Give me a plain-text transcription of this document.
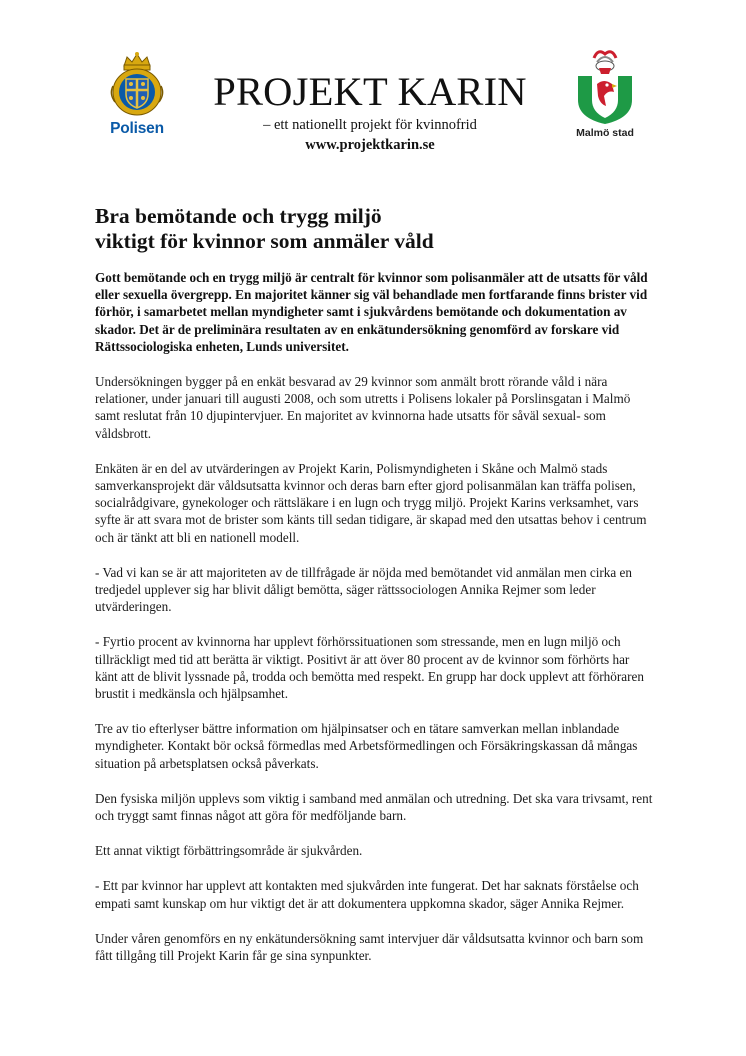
Polisen
PROJEKT KARIN
– ett nationellt projekt för kvinnofrid
www.projektkarin.se
Malmö stad
Bra bemötande och trygg miljö
viktigt för kvinnor som anmäler våld

Gott bemötande och en trygg miljö är centralt för kvinnor som polisanmäler att de utsatts för våld eller sexuella övergrepp. En majoritet känner sig väl behandlade men fortfarande finns brister vid förhör, i samarbetet mellan myndigheter samt i sjukvårdens bemötande och dokumentation av skador. Det är de preliminära resultaten av en enkätundersökning genomförd av forskare vid Rättssociologiska enheten, Lunds universitet.

Undersökningen bygger på en enkät besvarad av 29 kvinnor som anmält brott rörande våld i nära relationer, under januari till augusti 2008, och som utretts i Polisens lokaler på Porslinsgatan i Malmö samt reslutat från 10 djupintervjuer. En majoritet av kvinnorna hade utsatts för såväl sexual- som våldsbrott.

Enkäten är en del av utvärderingen av Projekt Karin, Polismyndigheten i Skåne och Malmö stads samverkansprojekt där våldsutsatta kvinnor och deras barn efter gjord polisanmälan kan träffa polisen, socialrådgivare, gynekologer och rättsläkare i en lugn och trygg miljö. Projekt Karins verksamhet, vars syfte är att svara mot de brister som känts till sedan tidigare, är skapad med den utsattas behov i centrum och är tänkt att bli en nationell modell.

- Vad vi kan se är att majoriteten av de tillfrågade är nöjda med bemötandet vid anmälan men cirka en tredjedel upplever sig har blivit dåligt bemötta, säger rättssociologen Annika Rejmer som leder utvärderingen.

- Fyrtio procent av kvinnorna har upplevt förhörssituationen som stressande, men en lugn miljö och tillräckligt med tid att berätta är viktigt. Positivt är att över 80 procent av de kvinnor som förhörts har känt att de blivit lyssnade på, trodda och bemötta med respekt. En grupp har dock upplevt att förhöraren brustit i medkänsla och hjälpsamhet.

Tre av tio efterlyser bättre information om hjälpinsatser och en tätare samverkan mellan inblandade myndigheter. Kontakt bör också förmedlas med Arbetsförmedlingen och Försäkringskassan då mångas situation på arbetsplatsen också påverkats.

Den fysiska miljön upplevs som viktig i samband med anmälan och utredning. Det ska vara trivsamt, rent och tryggt samt finnas något att göra för medföljande barn.

Ett annat viktigt förbättringsområde är sjukvården.

- Ett par kvinnor har upplevt att kontakten med sjukvården inte fungerat. Det har saknats förståelse och empati samt kunskap om hur viktigt det är att dokumentera uppkomna skador, säger Annika Rejmer.

Under våren genomförs en ny enkätundersökning samt intervjuer där våldsutsatta kvinnor och barn som fått tillgång till Projekt Karin får ge sina synpunkter.
